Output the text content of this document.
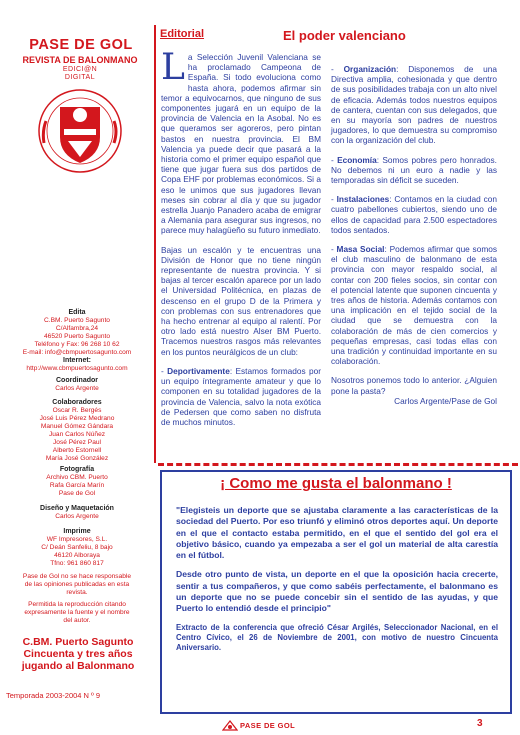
PASE DE GOL
REVISTA DE BALONMANO
EDICI@N
DIGITAL
Edita
C.BM. Puerto Sagunto
C/Alfambra,24
46520 Puerto Sagunto
Teléfono y Fax: 96 268 10 62
E-mail: info@cbmpuertosagunto.com
Internet:
http://www.cbmpuertosagunto.com
Coordinador
Carlos Argente
Colaboradores
Oscar R. Bergés
José Luis Pérez Medrano
Manuel Gómez Gándara
Juan Carlos Núñez
José Pérez Paul
Alberto Estornell
María José González
Fotografía
Archivo CBM. Puerto
Rafa García Marín
Pase de Gol
Diseño y Maquetación
Carlos Argente
Imprime
WF Impresores, S.L.
C/ Deán Sanfeliu, 8 bajo
46120 Alboraya
Tfno: 961 860 817
Pase de Gol no se hace responsable
de las opiniones publicadas en esta
revista.
Permitida la reproducción citando
expresamente la fuente y el nombre
del autor.
C.BM. Puerto Sagunto
Cincuenta y tres años
jugando al Balonmano
Temporada 2003-2004 N º 9
Editorial	El poder valenciano

La Selección Juvenil Valenciana se ha proclamado Campeona de España. Si todo evoluciona como hasta ahora, podemos afirmar sin temor a equivocarnos, que ninguno de sus componentes jugará en un equipo de la provincia de Valencia en la Asobal. No es que queramos ser agoreros, pero pintan bastos en nuestra provincia. El BM Valencia ya puede decir que pasará a la historia como el primer equipo español que tiene que jugar fuera sus dos partidos de Copa EHF por problemas económicos. Si a eso le unimos que sus jugadores llevan meses sin cobrar al día y que su jugador estrella Juanjo Panadero acaba de emigrar a Alemania para asegurar sus ingresos, no parece muy halagüeño su futuro inmediato.

Bajas un escalón y te encuentras una División de Honor que no tiene ningún representante de nuestra provincia. Y si bajas al tercer escalón aparece por un lado el Universidad Politécnica, en plazas de descenso en el grupo D de la Primera y con problemas con sus entrenadores que ha hecho entrenar al equipo al ralentí. Por otro lado está nuestro Alser BM Puerto. Tracemos nuestros rasgos más relevantes en los puntos neurálgicos de un club:

- Deportivamente: Estamos formados por un equipo íntegramente amateur y que lo componen en su totalidad jugadores de la provincia de Valencia, salvo la nota exótica de Pedersen que como saben no disfruta de muchos minutos.

- Organización: Disponemos de una Directiva amplia, cohesionada y que dentro de sus posibilidades trabaja con un alto nivel de eficacia. Además todos nuestros equipos de cantera, cuentan con sus delegados, que en su mayoría son padres de nuestros jugadores, lo que demuestra su compromiso con la organización del club.

- Economía: Somos pobres pero honrados. No debemos ni un euro a nadie y las temporadas sin déficit se suceden.

- Instalaciones: Contamos en la ciudad con cuatro pabellones cubiertos, siendo uno de ellos de capacidad para 2.500 espectadores todos sentados.

- Masa Social: Podemos afirmar que somos el club masculino de balonmano de esta provincia con mayor respaldo social, al contar con 200 fieles socios, sin contar con el potencial latente que suponen cincuenta y tres años de historia. Además contamos con una implicación en el tejido social de la ciudad que se demuestra con la colaboración de más de cien comercios y pequeñas empresas, casi todas ellas con una tradición y continuidad importante en su colaboración.

Nosotros ponemos todo lo anterior. ¿Alguien pone la pasta?

Carlos Argente/Pase de Gol

¡ Como me gusta el balonmano !

"Elegisteis un deporte que se ajustaba claramente a las características de la sociedad del Puerto. Por eso triunfó y eliminó otros deportes aquí. Un deporte en el que el contacto estaba permitido, en el que el sentido del gol era el objetivo básico, cuando ya empezaba a ser el gol un material de alta carestía en el fútbol.

Desde otro punto de vista, un deporte en el que la oposición hacia crecerte, sentir a tus compañeros, y que como sabéis perfectamente, el balonmano es un deporte que no se puede concebir sin el sentido de las ayudas, y que Puerto lo entendió desde el principio"

Extracto de la conferencia que ofreció César Argilés, Seleccionador Nacional, en el Centro Cívico, el 26 de Noviembre de 2001, con motivo de nuestro Cincuenta Aniversario.

PASE DE GOL	3
